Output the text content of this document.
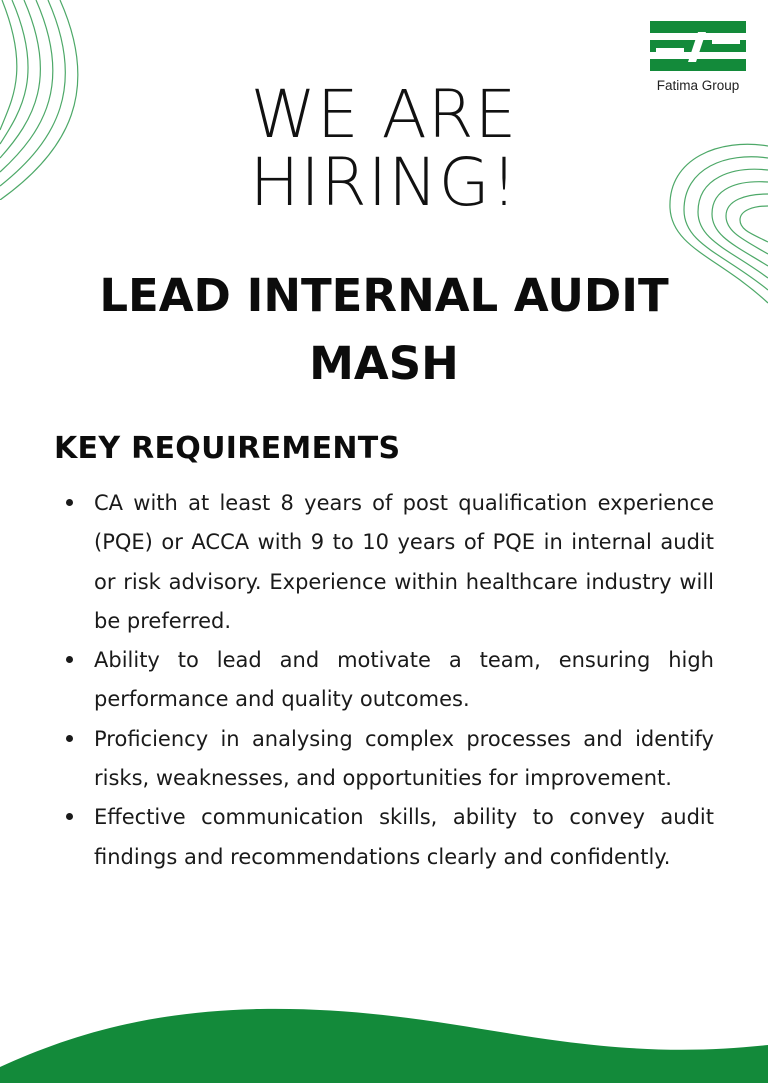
Fatima Group
WE ARE
HIRING!
LEAD INTERNAL AUDIT
MASH
KEY REQUIREMENTS
CA with at least 8 years of post qualification experience (PQE) or ACCA with 9 to 10 years of PQE in internal audit or risk advisory. Experience within healthcare industry will be preferred.
Ability to lead and motivate a team, ensuring high performance and quality outcomes.
Proficiency in analysing complex processes and identify risks, weaknesses, and opportunities for improvement.
Effective communication skills, ability to convey audit findings and recommendations clearly and confidently.
